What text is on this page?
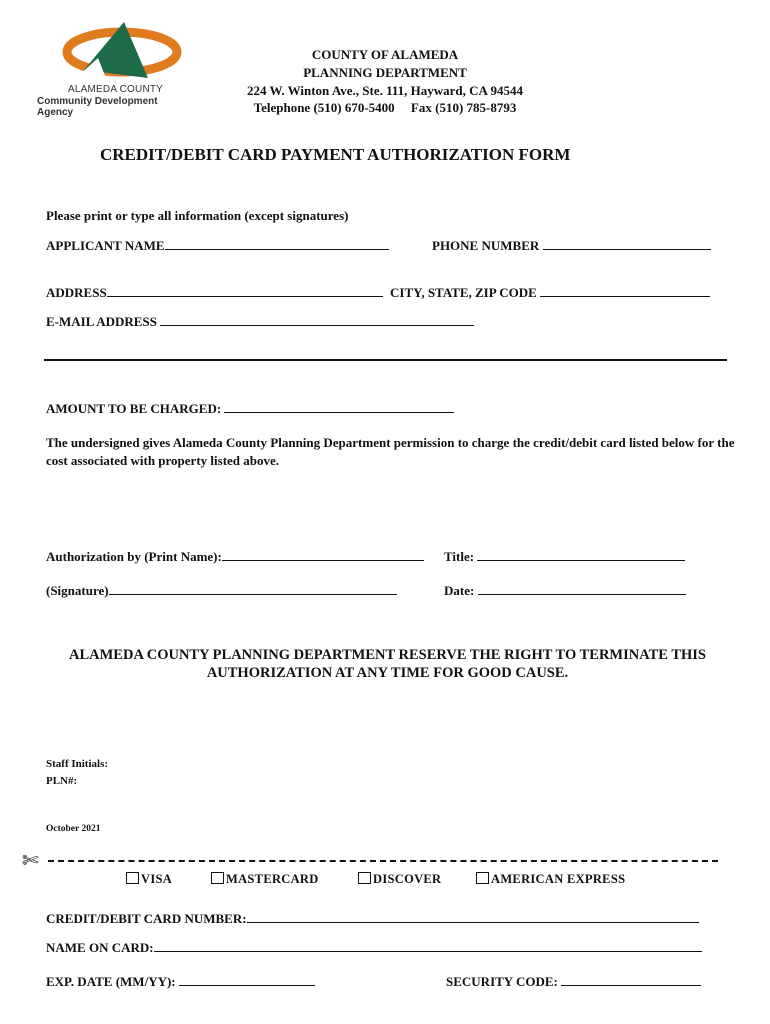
ALAMEDA COUNTY
Community Development Agency
COUNTY OF ALAMEDA
PLANNING DEPARTMENT
224 W. Winton Ave., Ste. 111, Hayward, CA 94544
Telephone (510) 670-5400     Fax (510) 785-8793
CREDIT/DEBIT CARD PAYMENT AUTHORIZATION FORM
Please print or type all information (except signatures)
APPLICANT NAME	PHONE NUMBER
ADDRESS	CITY, STATE, ZIP CODE
E-MAIL ADDRESS
AMOUNT TO BE CHARGED:
The undersigned gives Alameda County Planning Department permission to charge the credit/debit card listed below for the cost associated with property listed above.
Authorization by (Print Name):	Title:
(Signature)	Date:
ALAMEDA COUNTY PLANNING DEPARTMENT RESERVE THE RIGHT TO TERMINATE THIS AUTHORIZATION AT ANY TIME FOR GOOD CAUSE.
Staff Initials:
PLN#:
October 2021
✄
VISA	MASTERCARD	DISCOVER	AMERICAN EXPRESS
CREDIT/DEBIT CARD NUMBER:
NAME ON CARD:
EXP. DATE (MM/YY):	SECURITY CODE:
